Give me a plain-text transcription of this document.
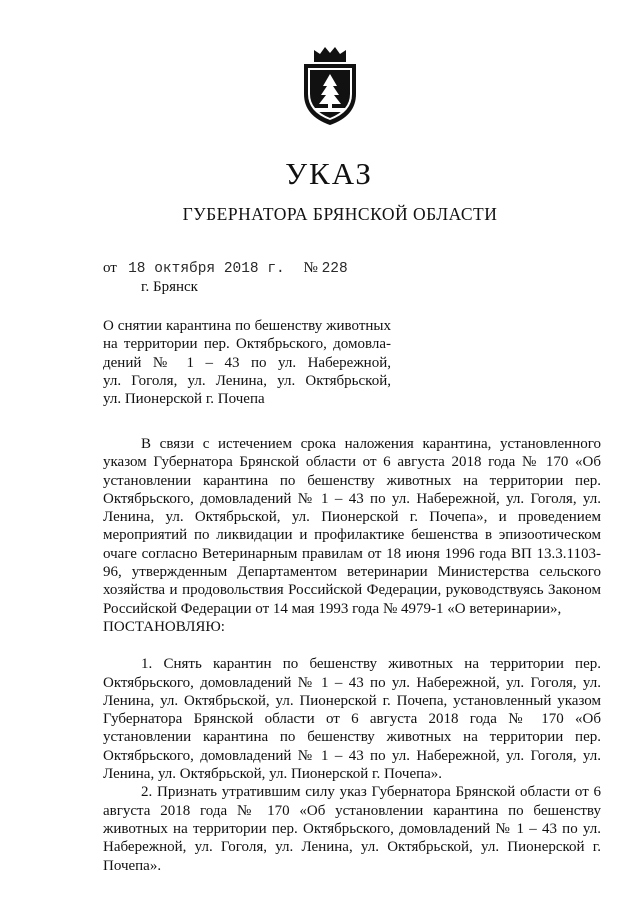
УКАЗ
ГУБЕРНАТОРА БРЯНСКОЙ ОБЛАСТИ
от 18 октября 2018 г. № 228
г. Брянск
О снятии карантина по бешенству животных
на территории пер. Октябрьского, домовла-
дений № 1 – 43 по ул. Набережной,
ул. Гоголя, ул. Ленина, ул. Октябрьской,
ул. Пионерской г. Почепа

В связи с истечением срока наложения карантина, установленного указом Губернатора Брянской области от 6 августа 2018 года № 170 «Об установлении карантина по бешенству животных на территории пер. Октябрьского, домовладений № 1 – 43 по ул. Набережной, ул. Гоголя, ул. Ленина, ул. Октябрьской, ул. Пионерской г. Почепа», и проведением мероприятий по ликвидации и профилактике бешенства в эпизоотическом очаге согласно Ветеринарным правилам от 18 июня 1996 года ВП 13.3.1103-96, утвержденным Департаментом ветеринарии Министерства сельского хозяйства и продовольствия Российской Федерации, руководствуясь Законом Российской Федерации от 14 мая 1993 года № 4979-1 «О ветеринарии»,

ПОСТАНОВЛЯЮ:

1. Снять карантин по бешенству животных на территории пер. Октябрьского, домовладений № 1 – 43 по ул. Набережной, ул. Гоголя, ул. Ленина, ул. Октябрьской, ул. Пионерской г. Почепа, установленный указом Губернатора Брянской области от 6 августа 2018 года № 170 «Об установлении карантина по бешенству животных на территории пер. Октябрьского, домовладений № 1 – 43 по ул. Набережной, ул. Гоголя, ул. Ленина, ул. Октябрьской, ул. Пионерской г. Почепа».

2. Признать утратившим силу указ Губернатора Брянской области от 6 августа 2018 года № 170 «Об установлении карантина по бешенству животных на территории пер. Октябрьского, домовладений № 1 – 43 по ул. Набережной, ул. Гоголя, ул. Ленина, ул. Октябрьской, ул. Пионерской г. Почепа».
